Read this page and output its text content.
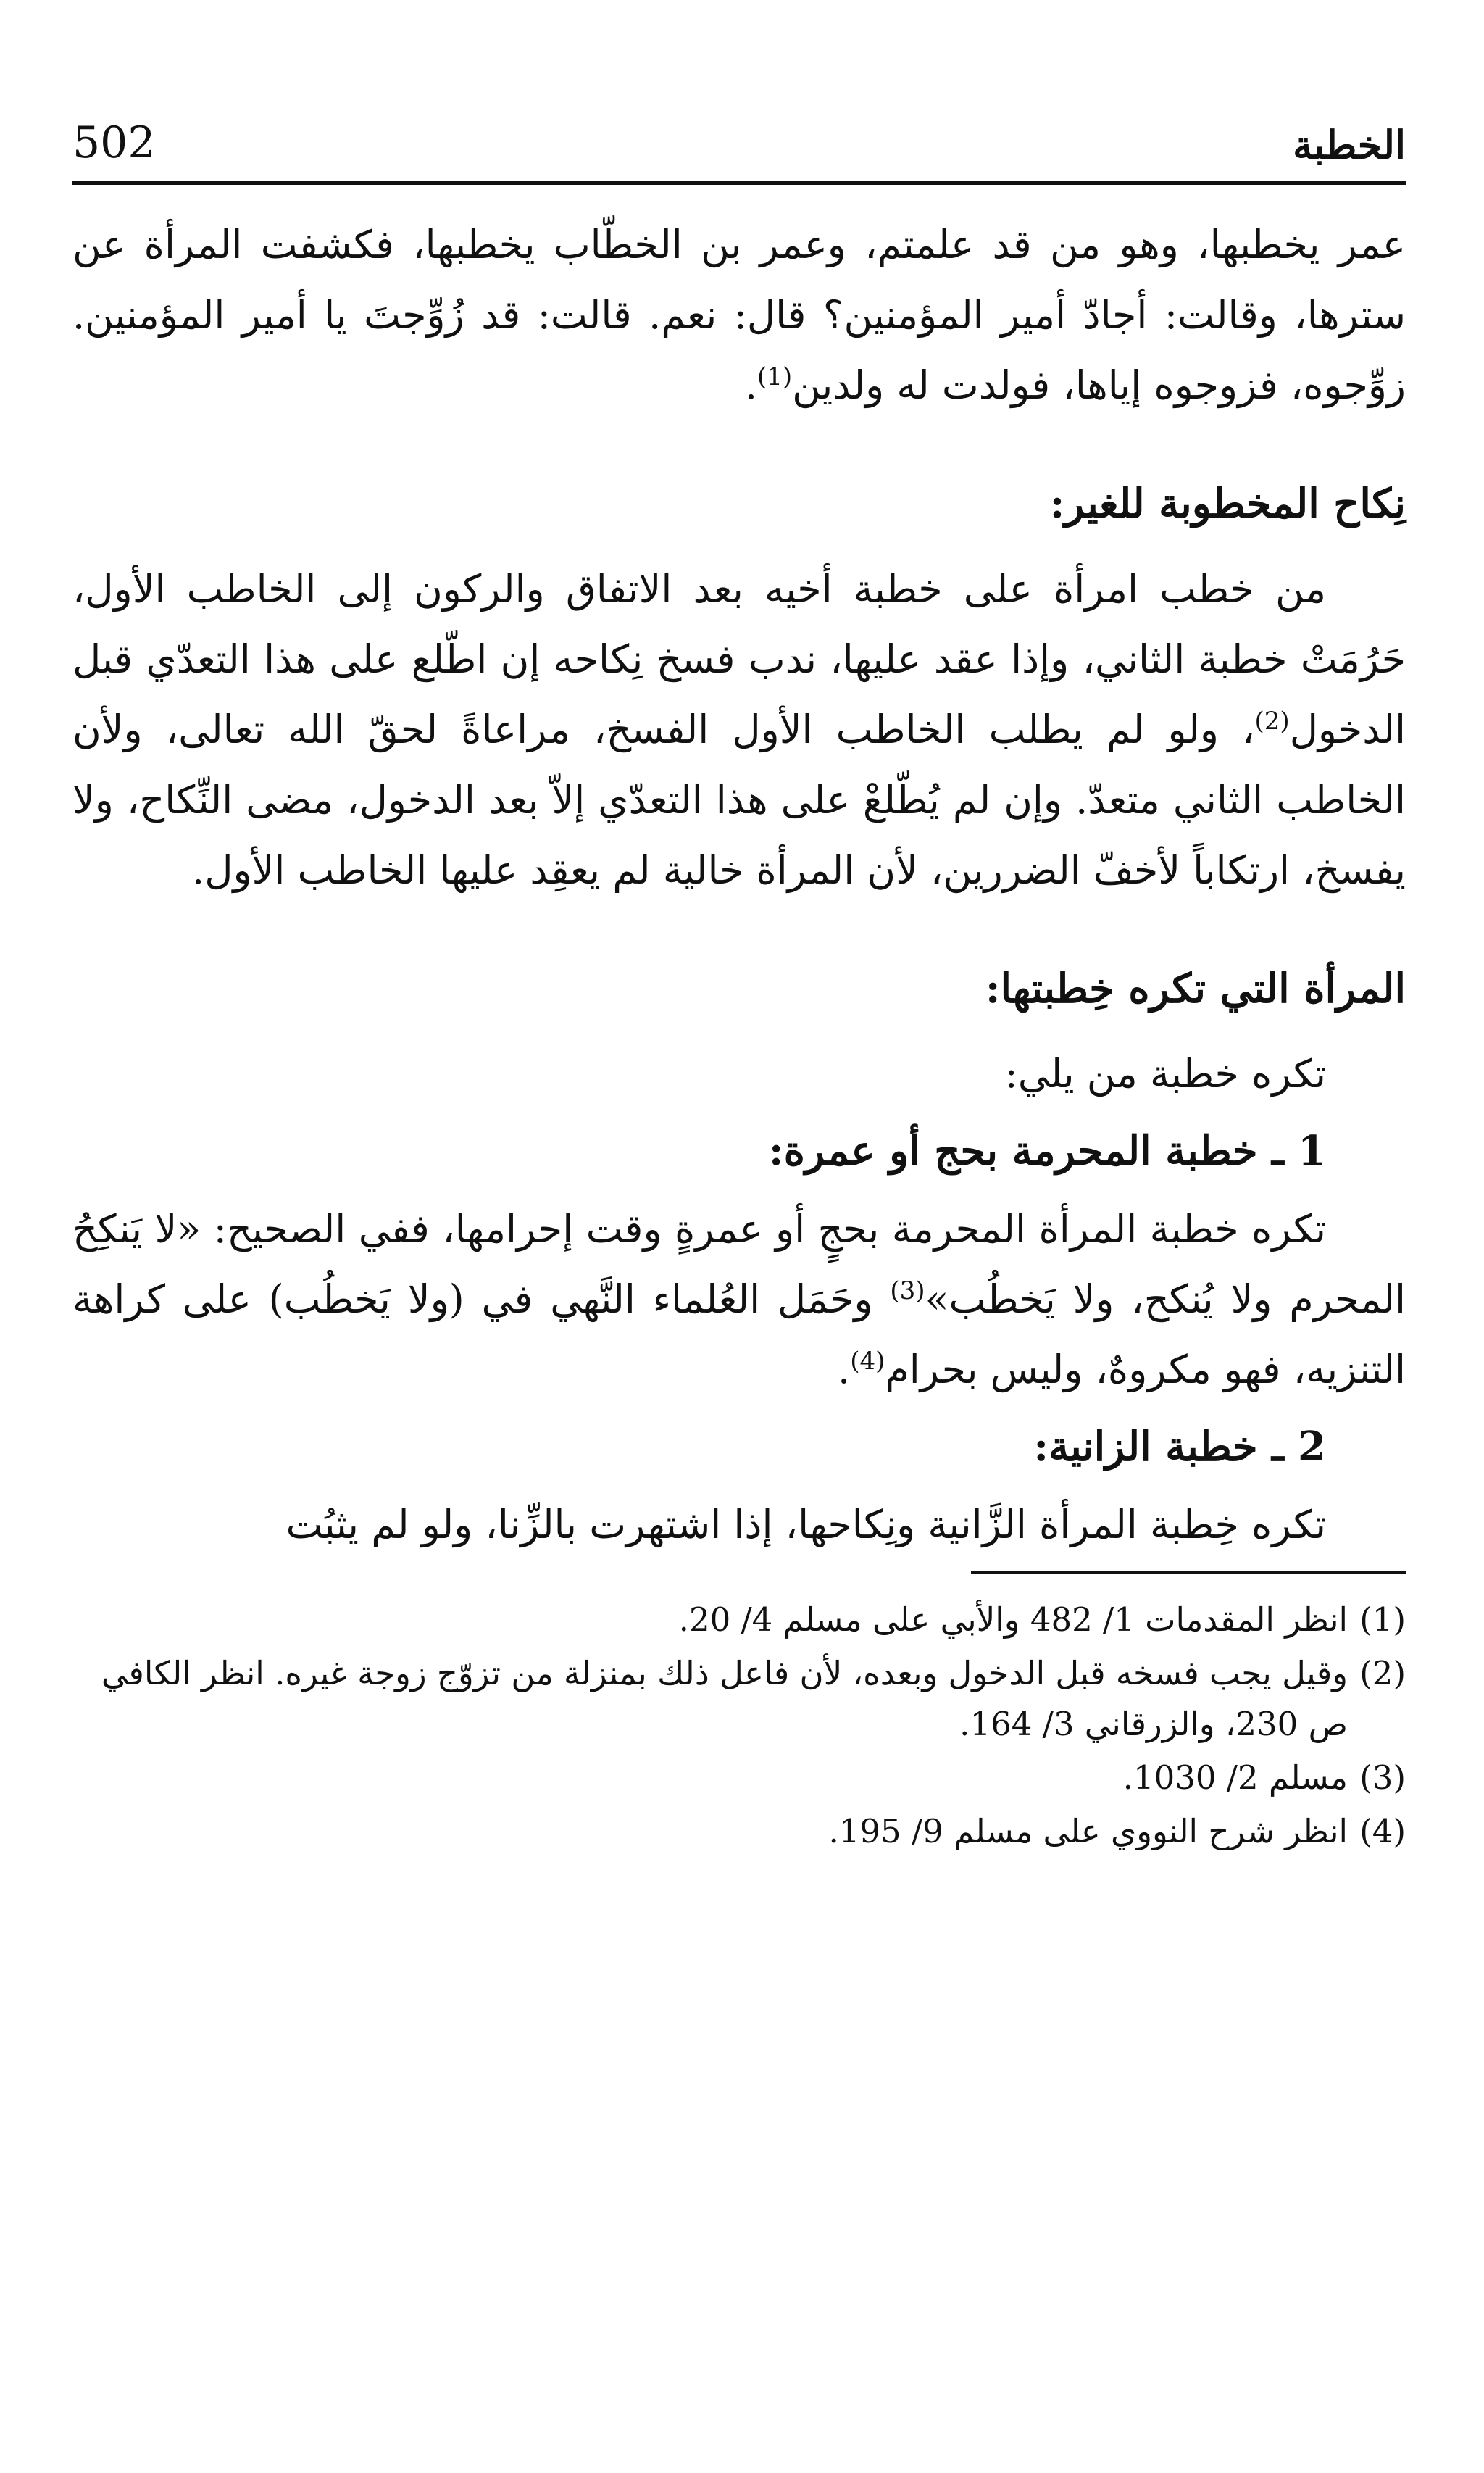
الخطبة
502

عمر يخطبها، وهو من قد علمتم، وعمر بن الخطّاب يخطبها، فكشفت المرأة عن سترها، وقالت: أجادّ أمير المؤمنين؟ قال: نعم. قالت: قد زُوِّجتَ يا أمير المؤمنين. زوِّجوه، فزوجوه إياها، فولدت له ولدين$^{(1)}$.

نِكاح المخطوبة للغير:

من خطب امرأة على خطبة أخيه بعد الاتفاق والركون إلى الخاطب الأول، حَرُمَتْ خطبة الثاني، وإذا عقد عليها، ندب فسخ نِكاحه إن اطّلع على هذا التعدّي قبل الدخول$^{(2)}$، ولو لم يطلب الخاطب الأول الفسخ، مراعاةً لحقّ الله تعالى، ولأن الخاطب الثاني متعدّ. وإن لم يُطّلعْ على هذا التعدّي إلاّ بعد الدخول، مضى النِّكاح، ولا يفسخ، ارتكاباً لأخفّ الضررين، لأن المرأة خالية لم يعقِد عليها الخاطب الأول.

المرأة التي تكره خِطبتها:
تكره خطبة من يلي:
1 ـ خطبة المحرمة بحج أو عمرة:

تكره خطبة المرأة المحرمة بحجٍ أو عمرةٍ وقت إحرامها، ففي الصحيح: «لا يَنكِحُ المحرم ولا يُنكح، ولا يَخطُب»$^{(3)}$ وحَمَل العُلماء النَّهي في (ولا يَخطُب) على كراهة التنزيه، فهو مكروهٌ، وليس بحرام$^{(4)}$.

2 ـ خطبة الزانية:

تكره خِطبة المرأة الزَّانية ونِكاحها، إذا اشتهرت بالزِّنا، ولو لم يثبُت

(1)
انظر المقدمات 1/ 482 والأبي على مسلم 4/ 20.
(2)
وقيل يجب فسخه قبل الدخول وبعده، لأن فاعل ذلك بمنزلة من تزوّج زوجة غيره. انظر الكافي ص 230، والزرقاني 3/ 164.
(3)
مسلم 2/ 1030.
(4)
انظر شرح النووي على مسلم 9/ 195.
